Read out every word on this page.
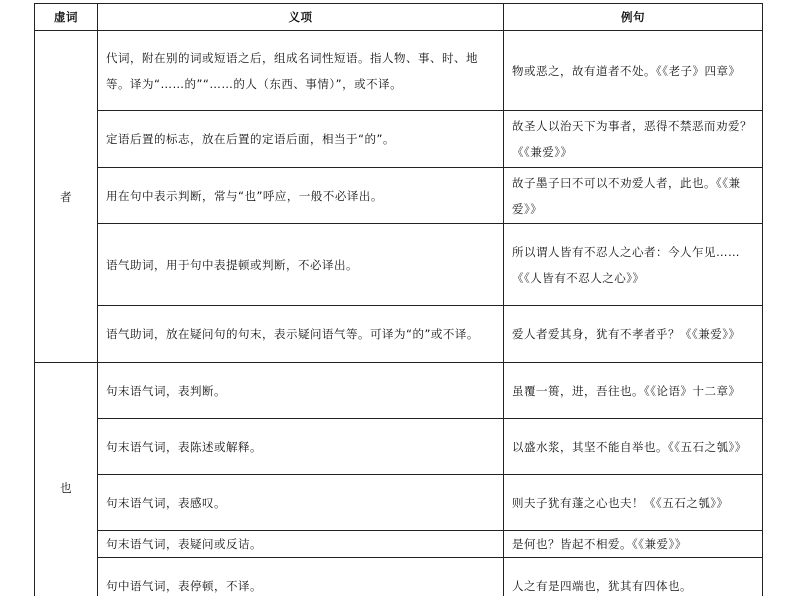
虚词	义项	例句
者	代词，附在别的词或短语之后，组成名词性短语。指人物、事、时、地等。译为“……的”“……的人（东西、事情）”，或不译。	物或恶之，故有道者不处。《《老子》四章》
	定语后置的标志，放在后置的定语后面，相当于“的”。	故圣人以治天下为事者，恶得不禁恶而劝爱？《《兼爱》》
	用在句中表示判断，常与“也”呼应，一般不必译出。	故子墨子曰不可以不劝爱人者，此也。《《兼爱》》
	语气助词，用于句中表提顿或判断，不必译出。	所以谓人皆有不忍人之心者：今人乍见……《《人皆有不忍人之心》》
	语气助词，放在疑问句的句末，表示疑问语气等。可译为“的”或不译。	爱人者爱其身，犹有不孝者乎？《《兼爱》》
也	句末语气词，表判断。	虽覆一篑，进，吾往也。《《论语》十二章》
	句末语气词，表陈述或解释。	以盛水浆，其坚不能自举也。《《五石之瓠》》
	句末语气词，表感叹。	则夫子犹有蓬之心也夫！《《五石之瓠》》
	句末语气词，表疑问或反诘。	是何也？皆起不相爱。《《兼爱》》
	句中语气词，表停顿，不译。	人之有是四端也，犹其有四体也。
